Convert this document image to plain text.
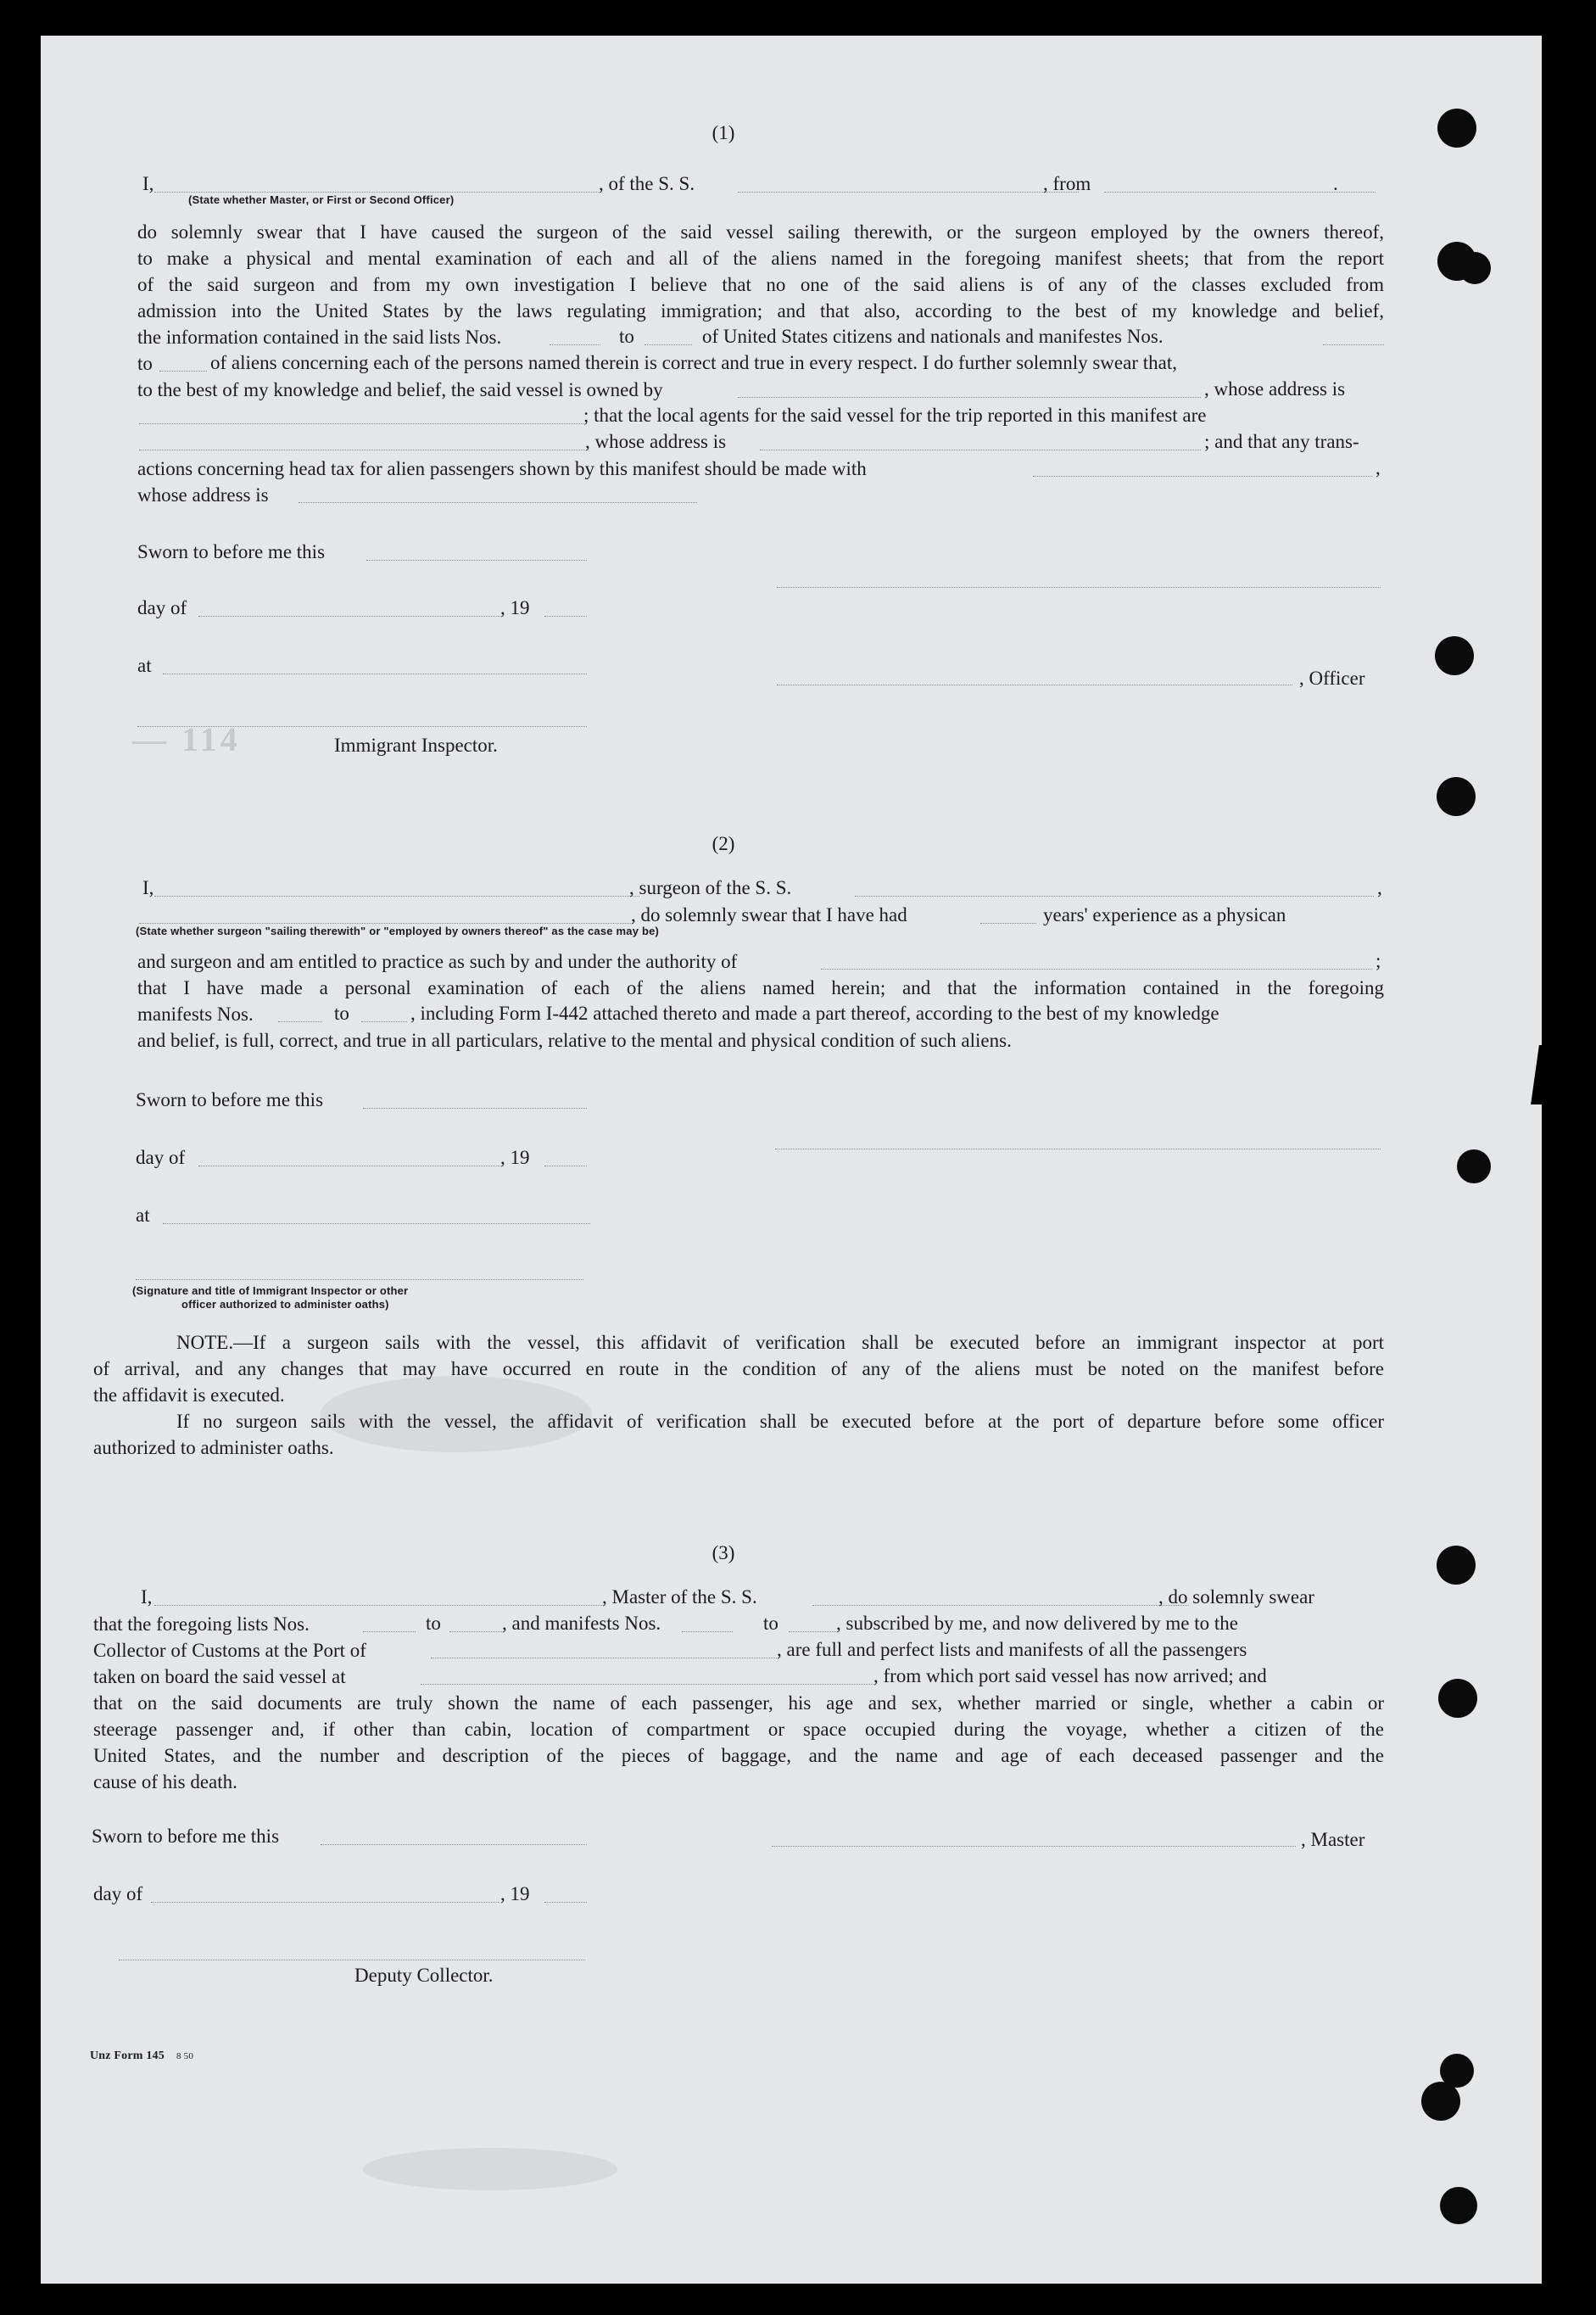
— 114
(1)
I,	, of the S. S.	, from	.
(State whether Master, or First or Second Officer)
do solemnly swear that I have caused the surgeon of the said vessel sailing therewith, or the surgeon employed by the owners thereof,
to make a physical and mental examination of each and all of the aliens named in the foregoing manifest sheets; that from the report
of the said surgeon and from my own investigation I believe that no one of the said aliens is of any of the classes excluded from
admission into the United States by the laws regulating immigration; and that also, according to the best of my knowledge and belief,
the information contained in the said lists Nos.	to	of United States citizens and nationals and manifestes Nos.
to	of aliens concerning each of the persons named therein is correct and true in every respect. I do further solemnly swear that,
to the best of my knowledge and belief, the said vessel is owned by	, whose address is
; that the local agents for the said vessel for the trip reported in this manifest are
, whose address is	; and that any trans-
actions concerning head tax for alien passengers shown by this manifest should be made with	,
whose address is
Sworn to before me this
day of	, 19
at
, Officer
Immigrant Inspector.
(2)
I,	, surgeon of the S. S.	,
, do solemnly swear that I have had	years' experience as a physican
(State whether surgeon "sailing therewith" or "employed by owners thereof" as the case may be)
and surgeon and am entitled to practice as such by and under the authority of	;
that I have made a personal examination of each of the aliens named herein; and that the information contained in the foregoing
manifests Nos.	to	, including Form I-442 attached thereto and made a part thereof, according to the best of my knowledge
and belief, is full, correct, and true in all particulars, relative to the mental and physical condition of such aliens.
Sworn to before me this
day of	, 19
at
(Signature and title of Immigrant Inspector or other
officer authorized to administer oaths)
NOTE.—If a surgeon sails with the vessel, this affidavit of verification shall be executed before an immigrant inspector at port
of arrival, and any changes that may have occurred en route in the condition of any of the aliens must be noted on the manifest before
the affidavit is executed.
If no surgeon sails with the vessel, the affidavit of verification shall be executed before at the port of departure before some officer
authorized to administer oaths.
(3)
I,	, Master of the S. S.	, do solemnly swear
that the foregoing lists Nos.	to	, and manifests Nos.	to	, subscribed by me, and now delivered by me to the
Collector of Customs at the Port of	, are full and perfect lists and manifests of all the passengers
taken on board the said vessel at	, from which port said vessel has now arrived; and
that on the said documents are truly shown the name of each passenger, his age and sex, whether married or single, whether a cabin or
steerage passenger and, if other than cabin, location of compartment or space occupied during the voyage, whether a citizen of the
United States, and the number and description of the pieces of baggage, and the name and age of each deceased passenger and the
cause of his death.
Sworn to before me this	, Master
day of	, 19
Deputy Collector.
Unz Form 145 8 50
